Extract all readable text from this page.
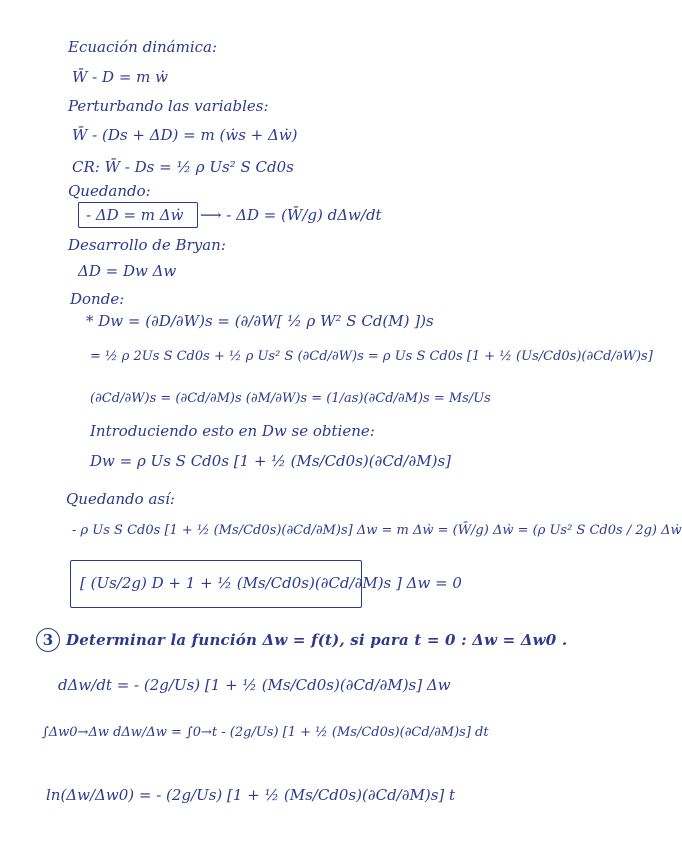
Ecuación dinámica:
W̄ - D = m ẇ
Perturbando las variables:
W̄ - (Ds + ΔD) = m (ẇs + Δẇ)
CR: W̄ - Ds = ½ ρ Us² S Cd0s
Quedando:
- ΔD = m Δẇ ⟶ - ΔD = (W̄/g) dΔw/dt
Desarrollo de Bryan:
ΔD = Dw Δw
Donde:
* Dw = (∂D/∂W)s = (∂/∂W[ ½ ρ W² S Cd(M) ])s
= ½ ρ 2Us S Cd0s + ½ ρ Us² S (∂Cd/∂W)s = ρ Us S Cd0s [1 + ½ (Us/Cd0s)(∂Cd/∂W)s]
(∂Cd/∂W)s = (∂Cd/∂M)s (∂M/∂W)s = (1/as)(∂Cd/∂M)s = Ms/Us
Introduciendo esto en Dw se obtiene:
Dw = ρ Us S Cd0s [1 + ½ (Ms/Cd0s)(∂Cd/∂M)s]
Quedando así:
- ρ Us S Cd0s [1 + ½ (Ms/Cd0s)(∂Cd/∂M)s] Δw = m Δẇ = (W̄/g) Δẇ = (ρ Us² S Cd0s / 2g) Δẇ
[ (Us/2g) D + 1 + ½ (Ms/Cd0s)(∂Cd/∂M)s ] Δw = 0
3 Determinar la función Δw = f(t), si para t = 0 : Δw = Δw0 .
dΔw/dt = - (2g/Us) [1 + ½ (Ms/Cd0s)(∂Cd/∂M)s] Δw
∫Δw0→Δw dΔw/Δw = ∫0→t - (2g/Us) [1 + ½ (Ms/Cd0s)(∂Cd/∂M)s] dt
ln(Δw/Δw0) = - (2g/Us) [1 + ½ (Ms/Cd0s)(∂Cd/∂M)s] t
